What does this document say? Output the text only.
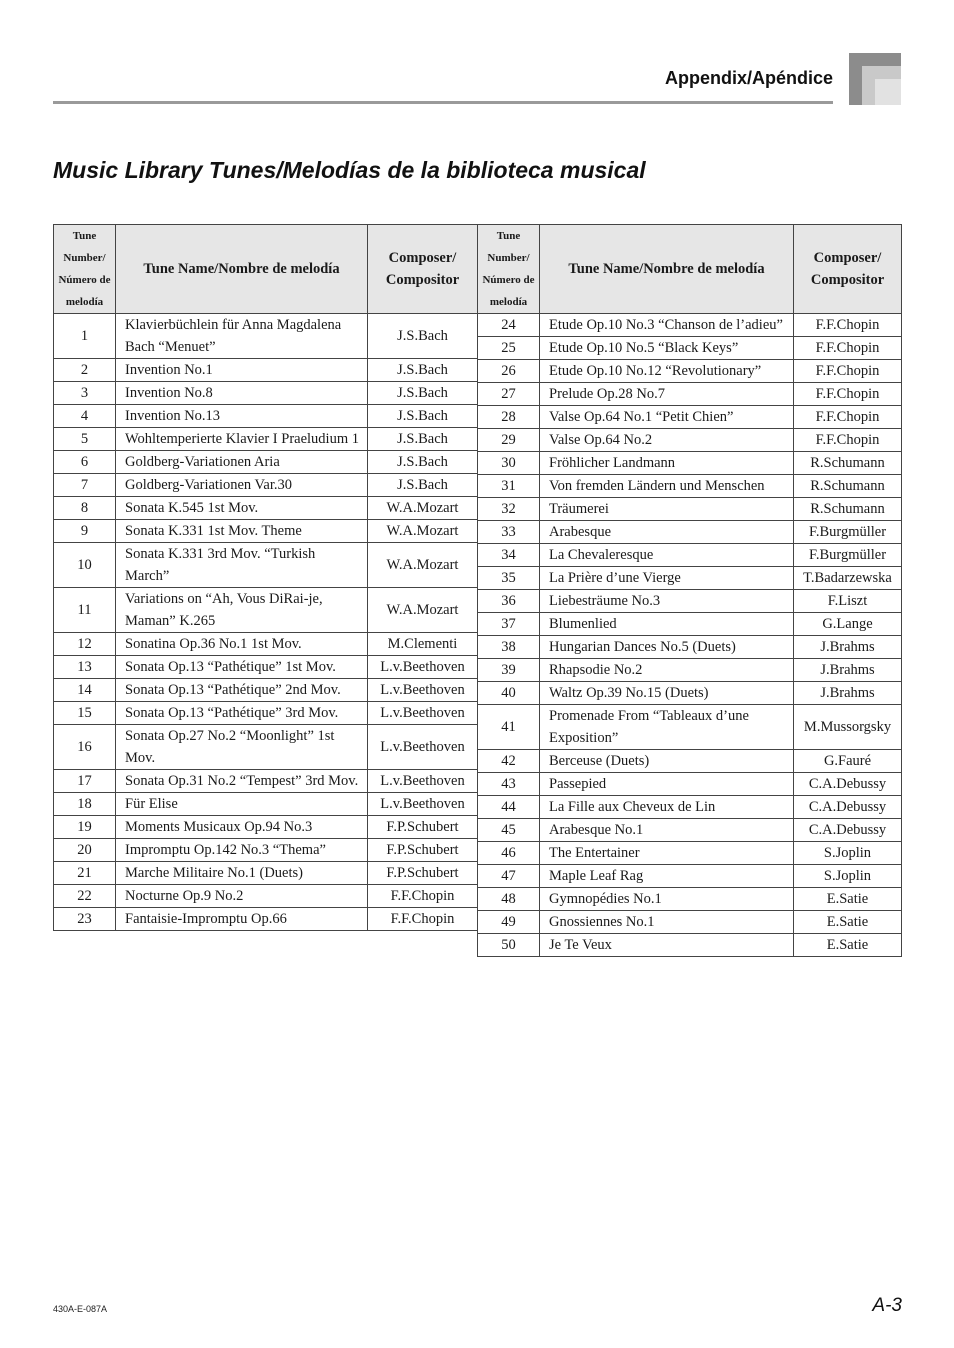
Appendix/Apéndice
Music Library Tunes/Melodías de la biblioteca musical
Tune Number/ Número de melodía	Tune Name/Nombre de melodía	Composer/ Compositor
1	Klavierbüchlein für Anna Magdalena Bach “Menuet”	J.S.Bach
2	Invention No.1	J.S.Bach
3	Invention No.8	J.S.Bach
4	Invention No.13	J.S.Bach
5	Wohltemperierte Klavier I Praeludium 1	J.S.Bach
6	Goldberg-Variationen Aria	J.S.Bach
7	Goldberg-Variationen Var.30	J.S.Bach
8	Sonata K.545 1st Mov.	W.A.Mozart
9	Sonata K.331 1st Mov. Theme	W.A.Mozart
10	Sonata K.331 3rd Mov. “Turkish March”	W.A.Mozart
11	Variations on “Ah, Vous DiRai-je, Maman” K.265	W.A.Mozart
12	Sonatina Op.36 No.1 1st Mov.	M.Clementi
13	Sonata Op.13 “Pathétique” 1st Mov.	L.v.Beethoven
14	Sonata Op.13 “Pathétique” 2nd Mov.	L.v.Beethoven
15	Sonata Op.13 “Pathétique” 3rd Mov.	L.v.Beethoven
16	Sonata Op.27 No.2 “Moonlight” 1st Mov.	L.v.Beethoven
17	Sonata Op.31 No.2 “Tempest” 3rd Mov.	L.v.Beethoven
18	Für Elise	L.v.Beethoven
19	Moments Musicaux Op.94 No.3	F.P.Schubert
20	Impromptu Op.142 No.3 “Thema”	F.P.Schubert
21	Marche Militaire No.1 (Duets)	F.P.Schubert
22	Nocturne Op.9 No.2	F.F.Chopin
23	Fantaisie-Impromptu Op.66	F.F.Chopin
Tune Number/ Número de melodía	Tune Name/Nombre de melodía	Composer/ Compositor
24	Etude Op.10 No.3 “Chanson de l’adieu”	F.F.Chopin
25	Etude Op.10 No.5 “Black Keys”	F.F.Chopin
26	Etude Op.10 No.12 “Revolutionary”	F.F.Chopin
27	Prelude Op.28 No.7	F.F.Chopin
28	Valse Op.64 No.1 “Petit Chien”	F.F.Chopin
29	Valse Op.64 No.2	F.F.Chopin
30	Fröhlicher Landmann	R.Schumann
31	Von fremden Ländern und Menschen	R.Schumann
32	Träumerei	R.Schumann
33	Arabesque	F.Burgmüller
34	La Chevaleresque	F.Burgmüller
35	La Prière d’une Vierge	T.Badarzewska
36	Liebesträume No.3	F.Liszt
37	Blumenlied	G.Lange
38	Hungarian Dances No.5 (Duets)	J.Brahms
39	Rhapsodie No.2	J.Brahms
40	Waltz Op.39 No.15 (Duets)	J.Brahms
41	Promenade From “Tableaux d’une Exposition”	M.Mussorgsky
42	Berceuse (Duets)	G.Fauré
43	Passepied	C.A.Debussy
44	La Fille aux Cheveux de Lin	C.A.Debussy
45	Arabesque No.1	C.A.Debussy
46	The Entertainer	S.Joplin
47	Maple Leaf Rag	S.Joplin
48	Gymnopédies No.1	E.Satie
49	Gnossiennes No.1	E.Satie
50	Je Te Veux	E.Satie
430A-E-087A	A-3
